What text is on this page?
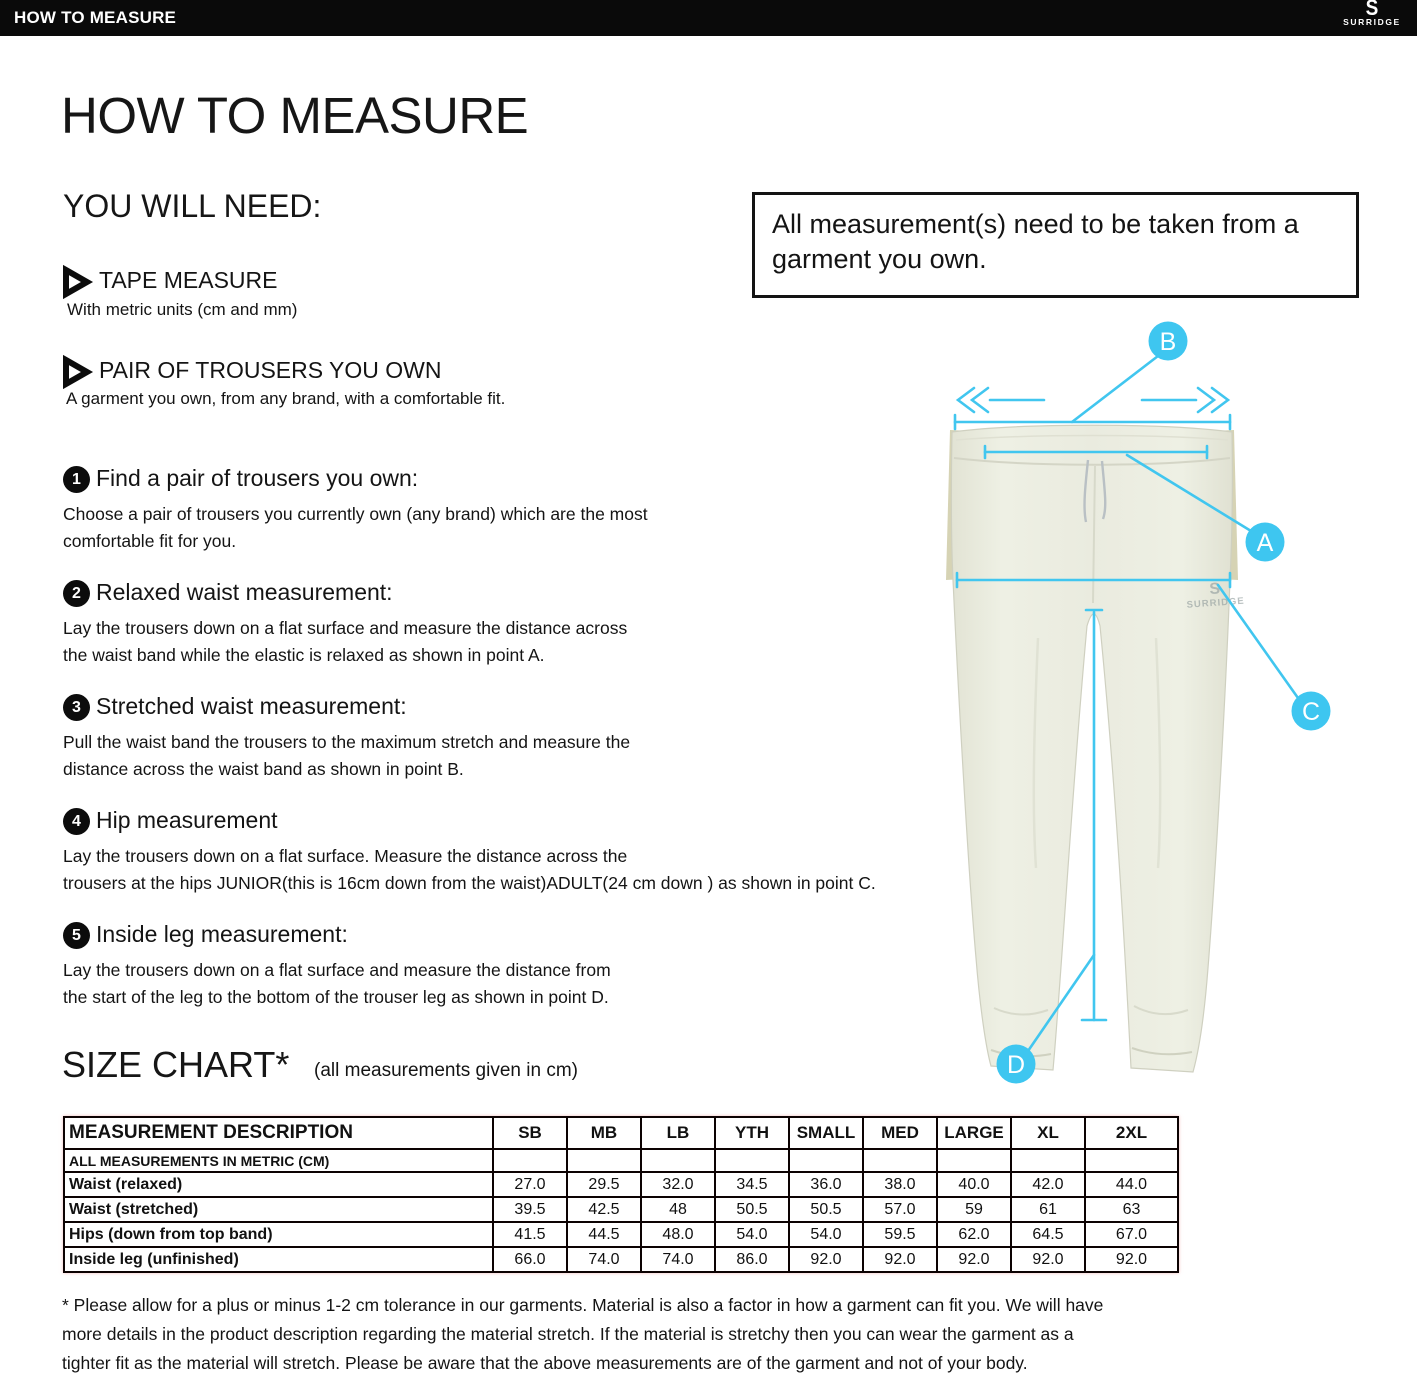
HOW TO MEASURE	S
SURRIDGE
HOW TO MEASURE
YOU WILL NEED:
TAPE MEASURE
With metric units (cm and mm)
PAIR OF TROUSERS YOU OWN
A garment you own, from any brand, with a comfortable fit.
All measurement(s) need to be taken from a
garment you own.
1 Find a pair of trousers you own:
Choose a pair of trousers you currently own (any brand) which are the most
comfortable fit for you.
2 Relaxed waist measurement:
Lay the trousers down on a flat surface and measure the distance across
the waist band while the elastic is relaxed as shown in point A.
3 Stretched waist measurement:
Pull the waist band the trousers to the maximum stretch and measure the
distance across the waist band as shown in point B.
4 Hip measurement
Lay the trousers down on a flat surface. Measure the distance across the
trousers at the hips JUNIOR(this is 16cm down from the waist)ADULT(24 cm down ) as shown in point C.
5 Inside leg measurement:
Lay the trousers down on a flat surface and measure the distance from
the start of the leg to the bottom of the trouser leg as shown in point D.
S
SURRIDGE
B
A
C
D
SIZE CHART* (all measurements given in cm)
MEASUREMENT DESCRIPTION	SB	MB	LB	YTH	SMALL	MED	LARGE	XL	2XL
ALL MEASUREMENTS IN METRIC (CM)									
Waist (relaxed)	27.0	29.5	32.0	34.5	36.0	38.0	40.0	42.0	44.0
Waist (stretched)	39.5	42.5	48	50.5	50.5	57.0	59	61	63
Hips (down from top band)	41.5	44.5	48.0	54.0	54.0	59.5	62.0	64.5	67.0
Inside leg (unfinished)	66.0	74.0	74.0	86.0	92.0	92.0	92.0	92.0	92.0
* Please allow for a plus or minus 1-2 cm tolerance in our garments. Material is also a factor in how a garment can fit you. We will have
more details in the product description regarding the material stretch. If the material is stretchy then you can wear the garment as a
tighter fit as the material will stretch. Please be aware that the above measurements are of the garment and not of your body.
